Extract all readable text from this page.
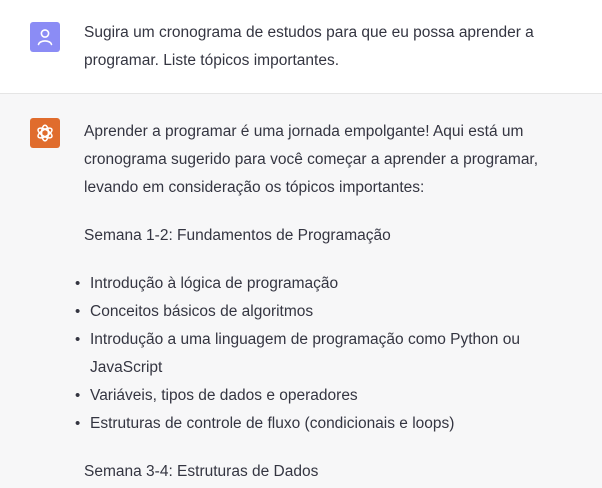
Sugira um cronograma de estudos para que eu possa aprender a programar. Liste tópicos importantes.

Aprender a programar é uma jornada empolgante! Aqui está um cronograma sugerido para você começar a aprender a programar, levando em consideração os tópicos importantes:

Semana 1-2: Fundamentos de Programação

• Introdução à lógica de programação
• Conceitos básicos de algoritmos
• Introdução a uma linguagem de programação como Python ou JavaScript
• Variáveis, tipos de dados e operadores
• Estruturas de controle de fluxo (condicionais e loops)

Semana 3-4: Estruturas de Dados
